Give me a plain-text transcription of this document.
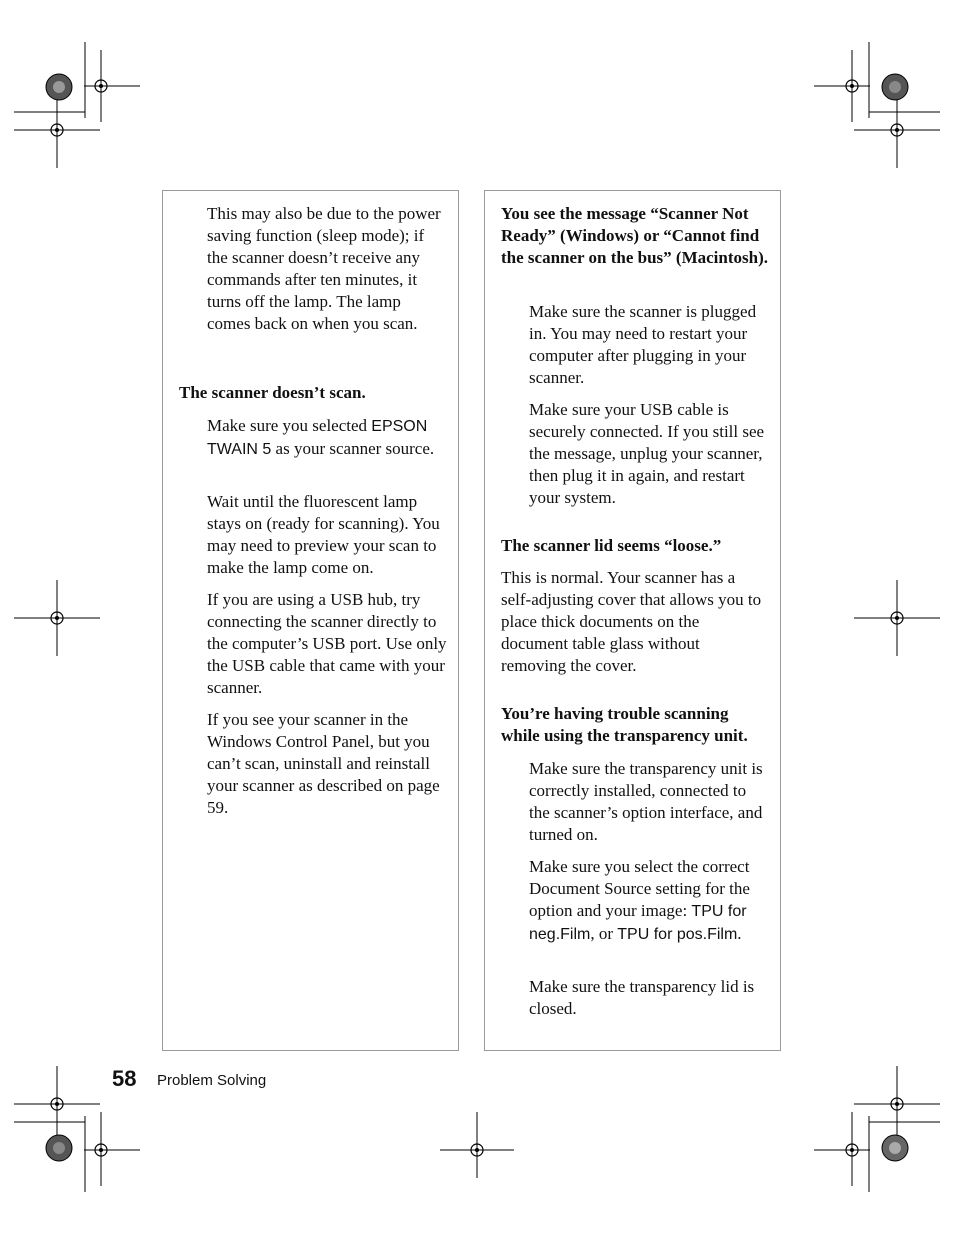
This may also be due to the power saving function (sleep mode); if the scanner doesn’t receive any commands after ten minutes, it turns off the lamp. The lamp comes back on when you scan.

The scanner doesn’t scan.

Make sure you selected EPSON TWAIN 5 as your scanner source.

Wait until the fluorescent lamp stays on (ready for scanning). You may need to preview your scan to make the lamp come on.

If you are using a USB hub, try connecting the scanner directly to the computer’s USB port. Use only the USB cable that came with your scanner.

If you see your scanner in the Windows Control Panel, but you can’t scan, uninstall and reinstall your scanner as described on page 59.

You see the message “Scanner Not Ready” (Windows) or “Cannot find the scanner on the bus” (Macintosh).

Make sure the scanner is plugged in. You may need to restart your computer after plugging in your scanner.

Make sure your USB cable is securely connected. If you still see the message, unplug your scanner, then plug it in again, and restart your system.

The scanner lid seems “loose.”

This is normal. Your scanner has a self-adjusting cover that allows you to place thick documents on the document table glass without removing the cover.

You’re having trouble scanning while using the transparency unit.

Make sure the transparency unit is correctly installed, connected to the scanner’s option interface, and turned on.

Make sure you select the correct Document Source setting for the option and your image: TPU for neg.Film, or TPU for pos.Film.

Make sure the transparency lid is closed.

58 Problem Solving
